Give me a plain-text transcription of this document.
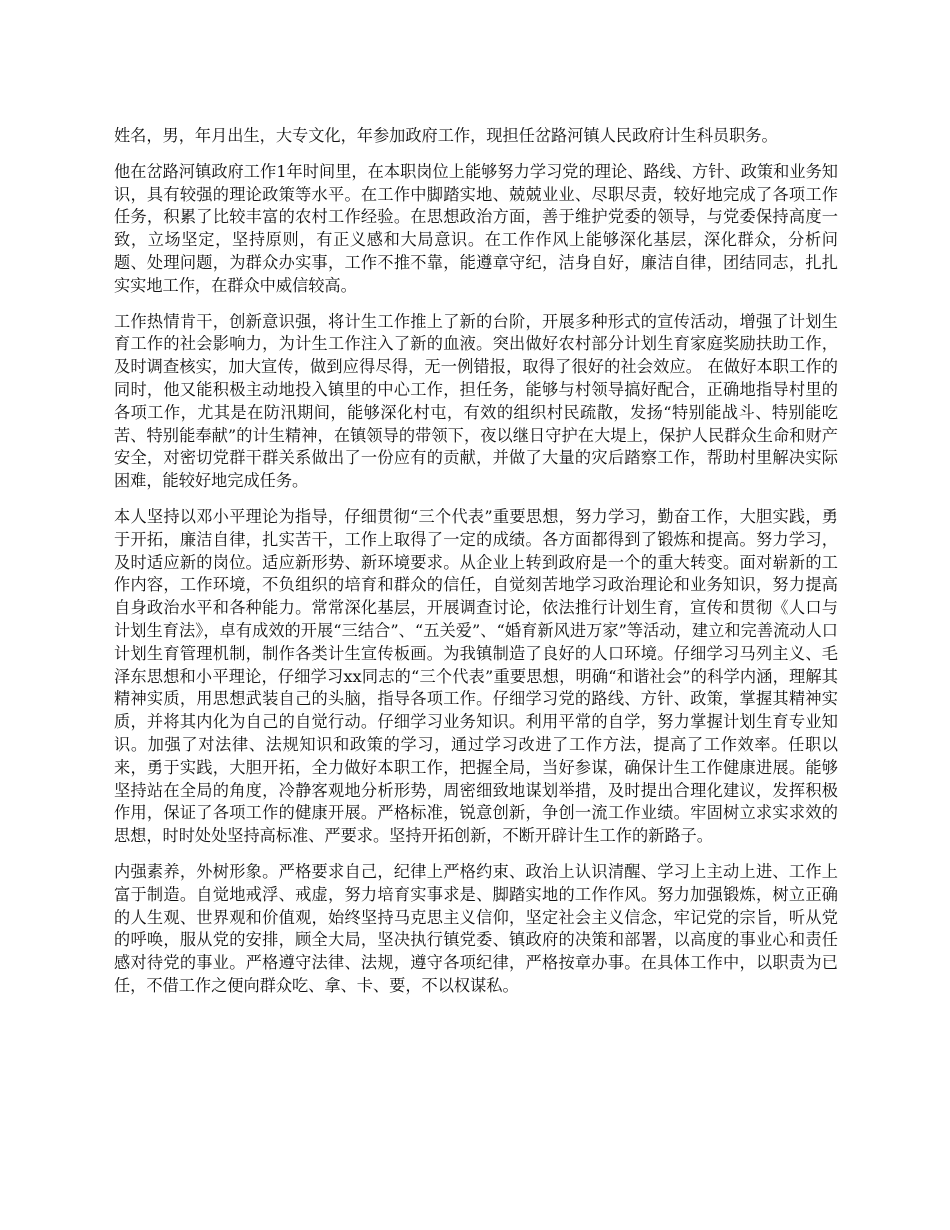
姓名，男，年月出生，大专文化，年参加政府工作，现担任岔路河镇人民政府计生科员职务。

他在岔路河镇政府工作1年时间里，在本职岗位上能够努力学习党的理论、路线、方针、政策和业务知识，具有较强的理论政策等水平。在工作中脚踏实地、兢兢业业、尽职尽责，较好地完成了各项工作任务，积累了比较丰富的农村工作经验。在思想政治方面，善于维护党委的领导，与党委保持高度一致，立场坚定，坚持原则，有正义感和大局意识。在工作作风上能够深化基层，深化群众，分析问题、处理问题，为群众办实事，工作不推不靠，能遵章守纪，洁身自好，廉洁自律，团结同志，扎扎实实地工作，在群众中威信较高。

工作热情肯干，创新意识强，将计生工作推上了新的台阶，开展多种形式的宣传活动，增强了计划生育工作的社会影响力，为计生工作注入了新的血液。突出做好农村部分计划生育家庭奖励扶助工作，及时调查核实，加大宣传，做到应得尽得，无一例错报，取得了很好的社会效应。 在做好本职工作的同时，他又能积极主动地投入镇里的中心工作，担任务，能够与村领导搞好配合，正确地指导村里的各项工作，尤其是在防汛期间，能够深化村屯，有效的组织村民疏散，发扬“特别能战斗、特别能吃苦、特别能奉献”的计生精神，在镇领导的带领下，夜以继日守护在大堤上，保护人民群众生命和财产安全，对密切党群干群关系做出了一份应有的贡献，并做了大量的灾后踏察工作，帮助村里解决实际困难，能较好地完成任务。

本人坚持以邓小平理论为指导，仔细贯彻“三个代表”重要思想，努力学习，勤奋工作，大胆实践，勇于开拓，廉洁自律，扎实苦干，工作上取得了一定的成绩。各方面都得到了锻炼和提高。努力学习，及时适应新的岗位。适应新形势、新环境要求。从企业上转到政府是一个的重大转变。面对崭新的工作内容，工作环境，不负组织的培育和群众的信任，自觉刻苦地学习政治理论和业务知识，努力提高自身政治水平和各种能力。常常深化基层，开展调查讨论，依法推行计划生育，宣传和贯彻《人口与计划生育法》，卓有成效的开展“三结合”、“五关爱”、“婚育新风进万家”等活动，建立和完善流动人口计划生育管理机制，制作各类计生宣传板画。为我镇制造了良好的人口环境。仔细学习马列主义、毛泽东思想和小平理论，仔细学习xx同志的“三个代表”重要思想，明确“和谐社会”的科学内涵，理解其精神实质，用思想武装自己的头脑，指导各项工作。仔细学习党的路线、方针、政策，掌握其精神实质，并将其内化为自己的自觉行动。仔细学习业务知识。利用平常的自学，努力掌握计划生育专业知识。加强了对法律、法规知识和政策的学习，通过学习改进了工作方法，提高了工作效率。任职以来，勇于实践，大胆开拓，全力做好本职工作，把握全局，当好参谋，确保计生工作健康进展。能够坚持站在全局的角度，冷静客观地分析形势，周密细致地谋划举措，及时提出合理化建议，发挥积极作用，保证了各项工作的健康开展。严格标准，锐意创新，争创一流工作业绩。牢固树立求实求效的思想，时时处处坚持高标准、严要求。坚持开拓创新，不断开辟计生工作的新路子。

内强素养，外树形象。严格要求自己，纪律上严格约束、政治上认识清醒、学习上主动上进、工作上富于制造。自觉地戒浮、戒虚，努力培育实事求是、脚踏实地的工作作风。努力加强锻炼，树立正确的人生观、世界观和价值观，始终坚持马克思主义信仰，坚定社会主义信念，牢记党的宗旨，听从党的呼唤，服从党的安排，顾全大局，坚决执行镇党委、镇政府的决策和部署，以高度的事业心和责任感对待党的事业。严格遵守法律、法规，遵守各项纪律，严格按章办事。在具体工作中，以职责为已任，不借工作之便向群众吃、拿、卡、要，不以权谋私。
